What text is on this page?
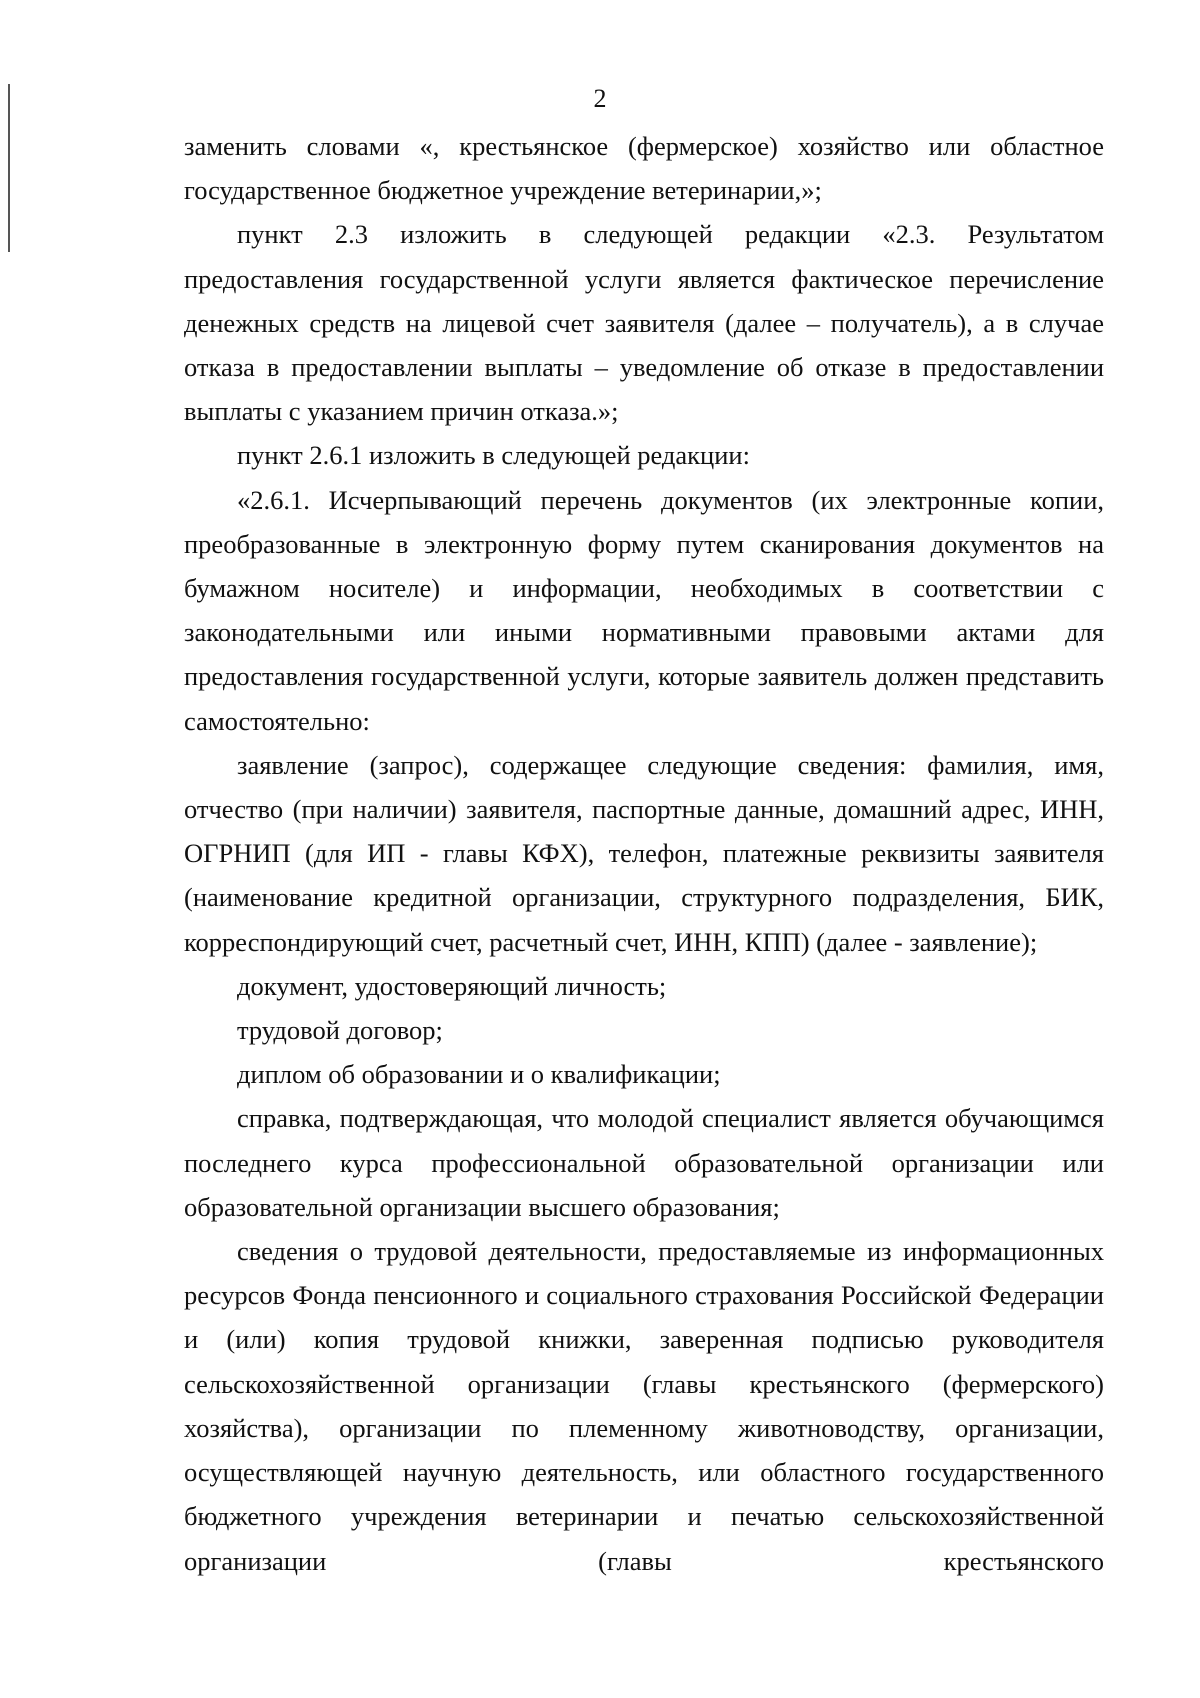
2

заменить словами «, крестьянское (фермерское) хозяйство или областное государственное бюджетное учреждение ветеринарии,»;

пункт 2.3 изложить в следующей редакции «2.3. Результатом предоставления государственной услуги является фактическое перечисление денежных средств на лицевой счет заявителя (далее – получатель), а в случае отказа в предоставлении выплаты – уведомление об отказе в предоставлении выплаты с указанием причин отказа.»;

пункт 2.6.1 изложить в следующей редакции:

«2.6.1. Исчерпывающий перечень документов (их электронные копии, преобразованные в электронную форму путем сканирования документов на бумажном носителе) и информации, необходимых в соответствии с законодательными или иными нормативными правовыми актами для предоставления государственной услуги, которые заявитель должен представить самостоятельно:

заявление (запрос), содержащее следующие сведения: фамилия, имя, отчество (при наличии) заявителя, паспортные данные, домашний адрес, ИНН, ОГРНИП (для ИП - главы КФХ), телефон, платежные реквизиты заявителя (наименование кредитной организации, структурного подразделения, БИК, корреспондирующий счет, расчетный счет, ИНН, КПП) (далее - заявление);

документ, удостоверяющий личность;

трудовой договор;

диплом об образовании и о квалификации;

справка, подтверждающая, что молодой специалист является обучающимся последнего курса профессиональной образовательной организации или образовательной организации высшего образования;

сведения о трудовой деятельности, предоставляемые из информационных ресурсов Фонда пенсионного и социального страхования Российской Федерации и (или) копия трудовой книжки, заверенная подписью руководителя сельскохозяйственной организации (главы крестьянского (фермерского) хозяйства), организации по племенному животноводству, организации, осуществляющей научную деятельность, или областного государственного бюджетного учреждения ветеринарии и печатью сельскохозяйственной организации (главы крестьянского
